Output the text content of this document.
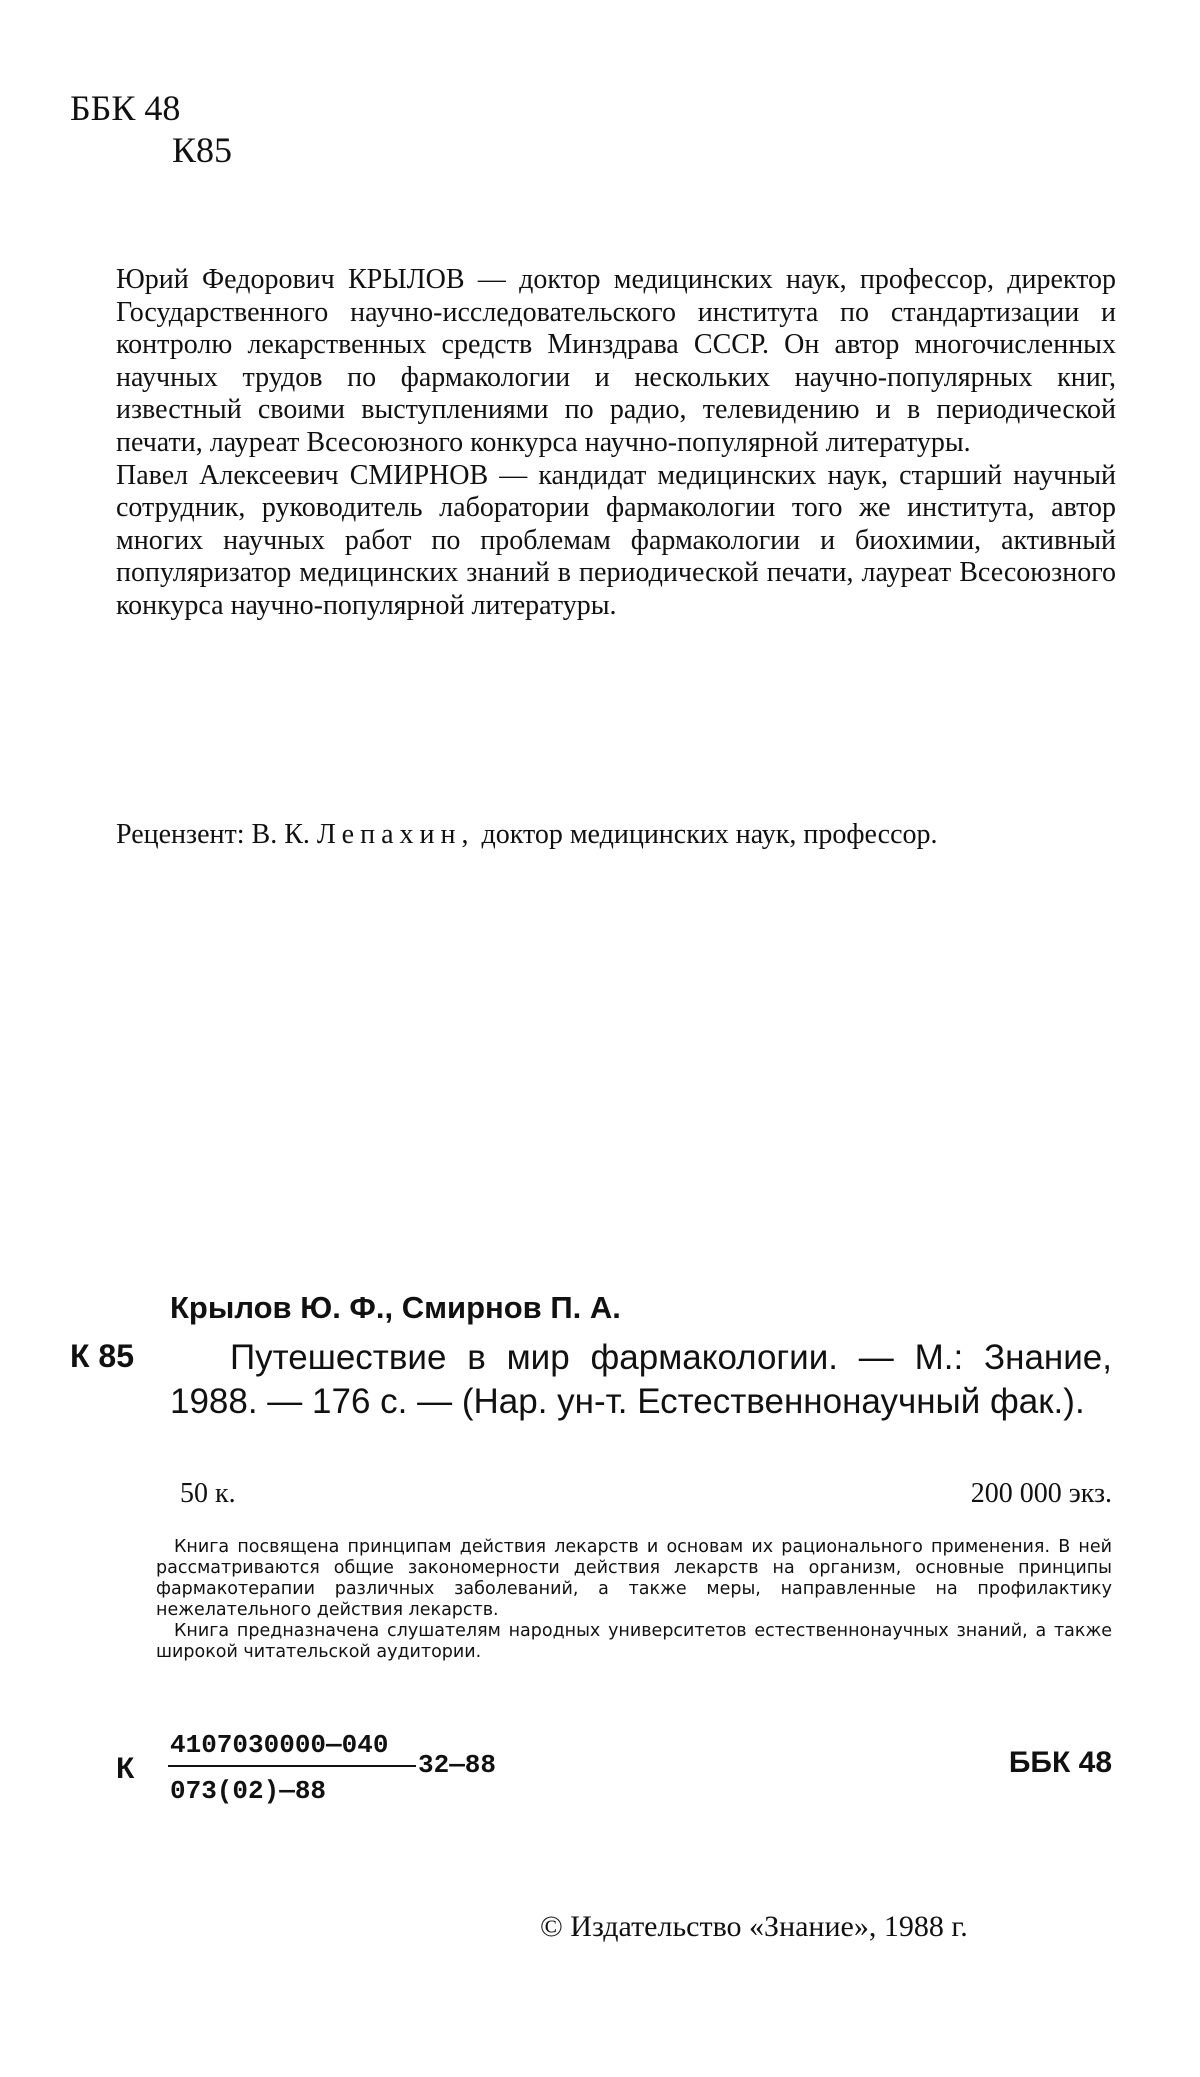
ББК 48
К85

Юрий Федорович КРЫЛОВ — доктор медицинских наук, профессор, директор Государственного научно-исследовательского института по стандартизации и контролю лекарственных средств Минздрава СССР. Он автор многочисленных научных трудов по фармакологии и нескольких научно-популярных книг, известный своими выступлениями по радио, телевидению и в периодической печати, лауреат Всесоюзного конкурса научно-популярной литературы.

Павел Алексеевич СМИРНОВ — кандидат медицинских наук, старший научный сотрудник, руководитель лаборатории фармакологии того же института, автор многих научных работ по проблемам фармакологии и биохимии, активный популяризатор медицинских знаний в периодической печати, лауреат Всесоюзного конкурса научно-популярной литературы.

Рецензент: В. К. Лепахин, доктор медицинских наук, профессор.
Крылов Ю. Ф., Смирнов П. А.
К 85	Путешествие в мир фармакологии. — М.: Знание, 1988. — 176 с. — (Нар. ун-т. Естественнонаучный фак.).
50 к.	200 000 экз.

Книга посвящена принципам действия лекарств и основам их рационального применения. В ней рассматриваются общие закономерности действия лекарств на организм, основные принципы фармакотерапии различных заболеваний, а также меры, направленные на профилактику нежелательного действия лекарств.

Книга предназначена слушателям народных университетов естественнонаучных знаний, а также широкой читательской аудитории.

К
4107030000—040
073(02)—88
32—88	ББК 48
© Издательство «Знание», 1988 г.
